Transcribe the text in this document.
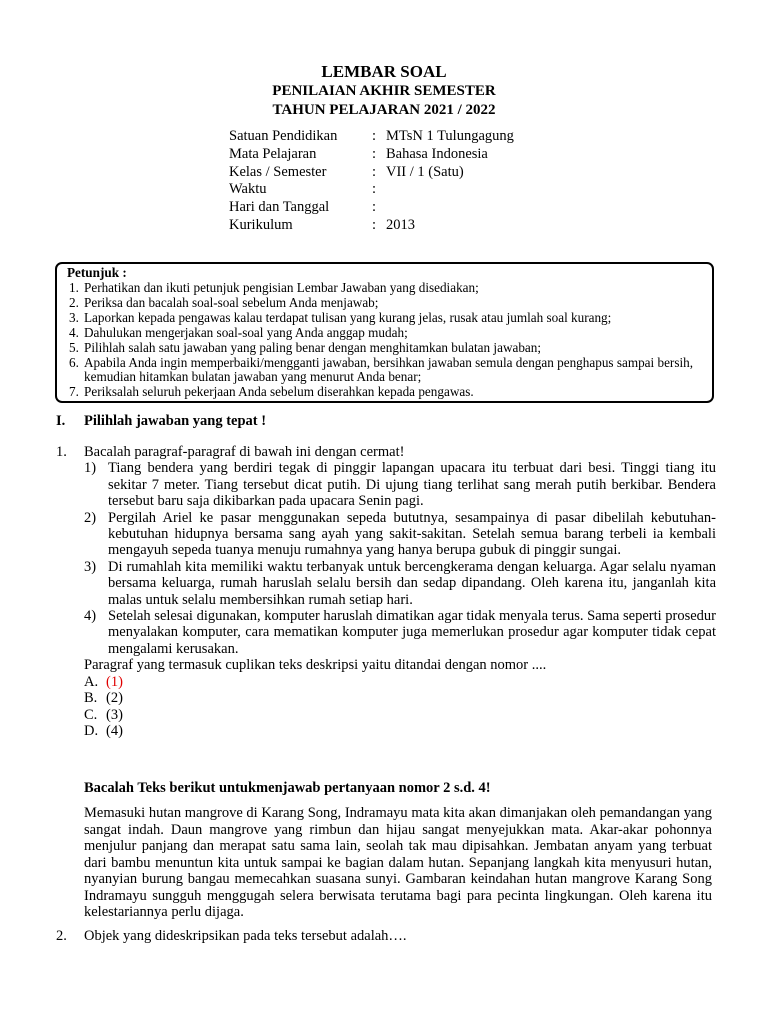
LEMBAR SOAL
PENILAIAN AKHIR SEMESTER
TAHUN PELAJARAN 2021 / 2022
Satuan Pendidikan	: MTsN 1 Tulungagung
Mata Pelajaran	: Bahasa Indonesia
Kelas / Semester	: VII / 1 (Satu)
Waktu	:
Hari dan Tanggal	:
Kurikulum	: 2013
Petunjuk :
1. Perhatikan dan ikuti petunjuk pengisian Lembar Jawaban yang disediakan;
2. Periksa dan bacalah soal-soal sebelum Anda menjawab;
3. Laporkan kepada pengawas kalau terdapat tulisan yang kurang jelas, rusak atau jumlah soal kurang;
4. Dahulukan mengerjakan soal-soal yang Anda anggap mudah;
5. Pilihlah salah satu jawaban yang paling benar dengan menghitamkan bulatan jawaban;
6. Apabila Anda ingin memperbaiki/mengganti jawaban, bersihkan jawaban semula dengan penghapus sampai bersih, kemudian hitamkan bulatan jawaban yang menurut Anda benar;
7. Periksalah seluruh pekerjaan Anda sebelum diserahkan kepada pengawas.
I.	Pilihlah jawaban yang tepat !
1.	Bacalah paragraf-paragraf di bawah ini dengan cermat!
1) Tiang bendera yang berdiri tegak di pinggir lapangan upacara itu terbuat dari besi. Tinggi tiang itu sekitar 7 meter. Tiang tersebut dicat putih. Di ujung tiang terlihat sang merah putih berkibar. Bendera tersebut baru saja dikibarkan pada upacara Senin pagi.
2) Pergilah Ariel ke pasar menggunakan sepeda bututnya, sesampainya di pasar dibelilah kebutuhan-kebutuhan hidupnya bersama sang ayah yang sakit-sakitan. Setelah semua barang terbeli ia kembali mengayuh sepeda tuanya menuju rumahnya yang hanya berupa gubuk di pinggir sungai.
3) Di rumahlah kita memiliki waktu terbanyak untuk bercengkerama dengan keluarga. Agar selalu nyaman bersama keluarga, rumah haruslah selalu bersih dan sedap dipandang. Oleh karena itu, janganlah kita malas untuk selalu membersihkan rumah setiap hari.
4) Setelah selesai digunakan, komputer haruslah dimatikan agar tidak menyala terus. Sama seperti prosedur menyalakan komputer, cara mematikan komputer juga memerlukan prosedur agar komputer tidak cepat mengalami kerusakan.
Paragraf yang termasuk cuplikan teks deskripsi yaitu ditandai dengan nomor ....
A. (1)
B. (2)
C. (3)
D. (4)
Bacalah Teks berikut untukmenjawab pertanyaan nomor 2 s.d. 4!

Memasuki hutan mangrove di Karang Song, Indramayu mata kita akan dimanjakan oleh pemandangan yang sangat indah. Daun mangrove yang rimbun dan hijau sangat menyejukkan mata. Akar-akar pohonnya menjulur panjang dan merapat satu sama lain, seolah tak mau dipisahkan. Jembatan anyam yang terbuat dari bambu menuntun kita untuk sampai ke bagian dalam hutan. Sepanjang langkah kita menyusuri hutan, nyanyian burung bangau memecahkan suasana sunyi. Gambaran keindahan hutan mangrove Karang Song Indramayu sungguh menggugah selera berwisata terutama bagi para pecinta lingkungan. Oleh karena itu kelestariannya perlu dijaga.

2.	Objek yang dideskripsikan pada teks tersebut adalah….
